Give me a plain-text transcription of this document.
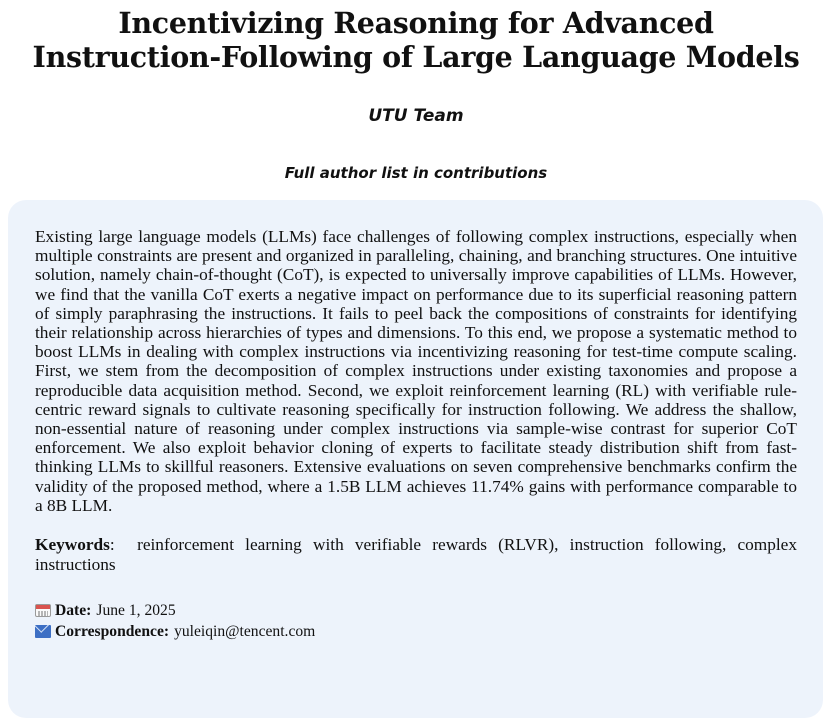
Incentivizing Reasoning for Advanced
Instruction-Following of Large Language Models
UTU Team
Full author list in contributions

Existing large language models (LLMs) face challenges of following complex instructions, especially when multiple constraints are present and organized in paralleling, chaining, and branching structures. One intuitive solution, namely chain-of-thought (CoT), is expected to universally improve capabilities of LLMs. However, we find that the vanilla CoT exerts a negative impact on performance due to its superficial reasoning pattern of simply paraphrasing the instructions. It fails to peel back the compositions of constraints for identifying their relationship across hierarchies of types and dimensions. To this end, we propose a systematic method to boost LLMs in dealing with complex instructions via incentivizing reasoning for test-time compute scaling. First, we stem from the decomposition of complex instructions under existing taxonomies and propose a reproducible data acquisition method. Second, we exploit reinforcement learning (RL) with verifiable rule-centric reward signals to cultivate reasoning specifically for instruction following. We address the shallow, non-essential nature of reasoning under complex instructions via sample-wise contrast for superior CoT enforcement. We also exploit behavior cloning of experts to facilitate steady distribution shift from fast-thinking LLMs to skillful reasoners. Extensive evaluations on seven comprehensive benchmarks confirm the validity of the proposed method, where a 1.5B LLM achieves 11.74% gains with performance comparable to a 8B LLM.

Keywords: reinforcement learning with verifiable rewards (RLVR), instruction following, complex instructions
Date: June 1, 2025
Correspondence: yuleiqin@tencent.com
